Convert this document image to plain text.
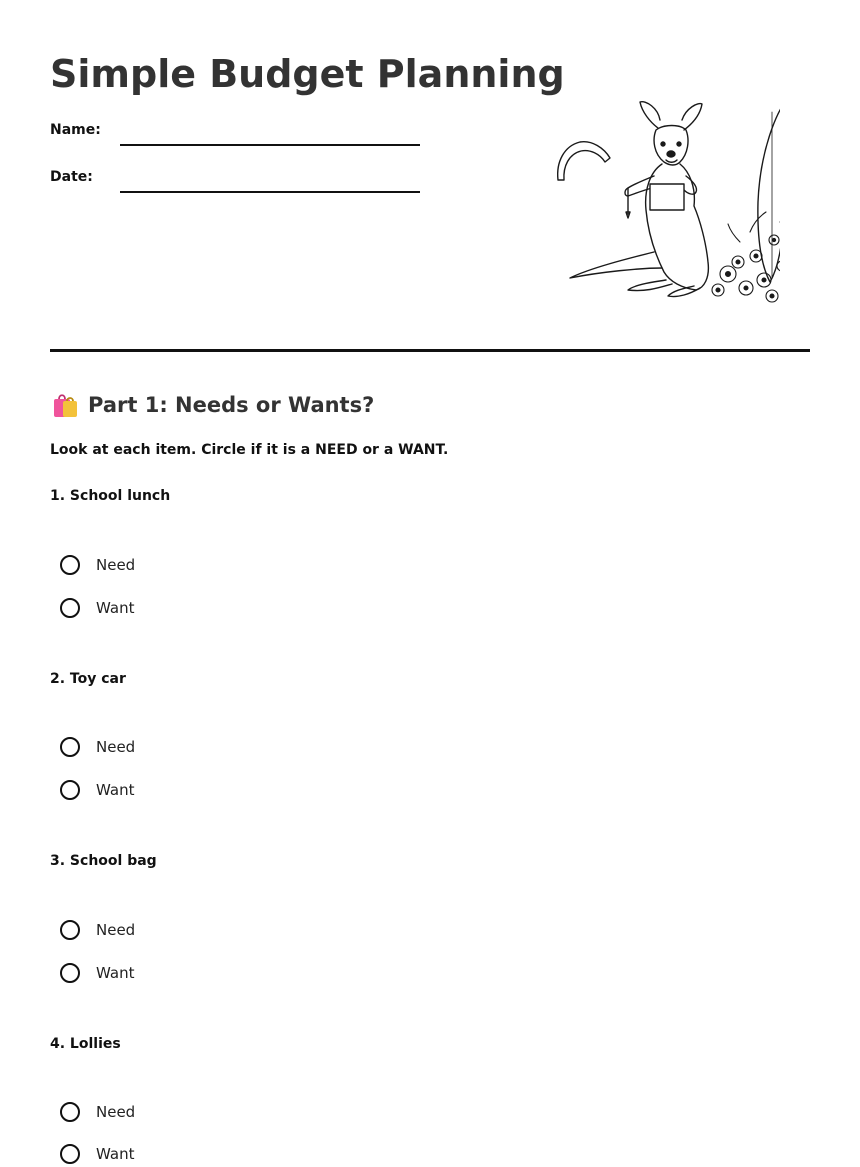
Simple Budget Planning
Name:
Date:
Part 1: Needs or Wants?
Look at each item. Circle if it is a NEED or a WANT.
1. School lunch
Need
Want
2. Toy car
Need
Want
3. School bag
Need
Want
4. Lollies
Need
Want
